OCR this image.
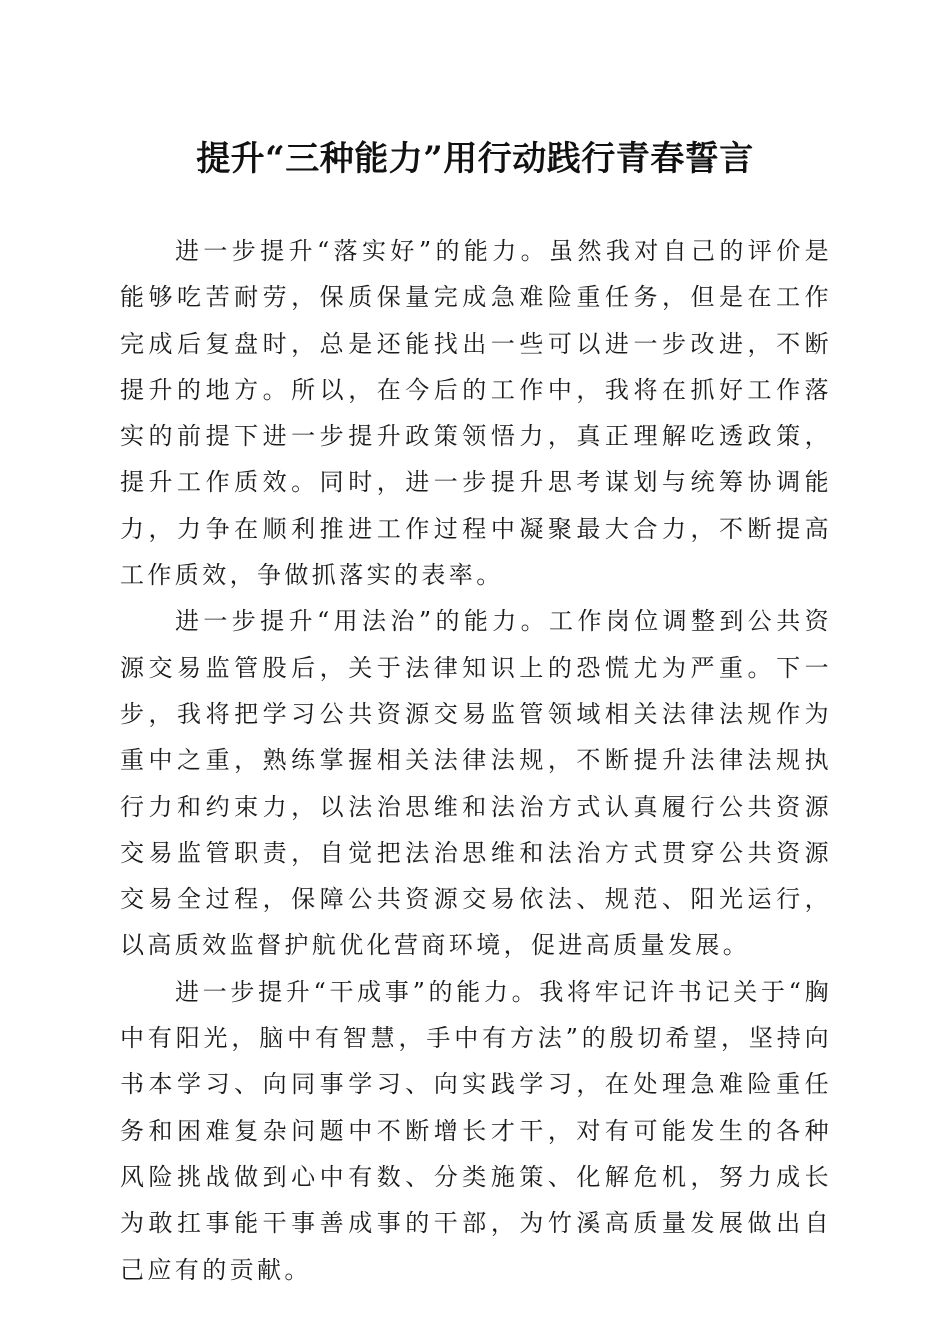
提升“三种能力”用行动践行青春誓言

进一步提升“落实好”的能力。虽然我对自己的评价是能够吃苦耐劳，保质保量完成急难险重任务，但是在工作完成后复盘时，总是还能找出一些可以进一步改进，不断提升的地方。所以，在今后的工作中，我将在抓好工作落实的前提下进一步提升政策领悟力，真正理解吃透政策，提升工作质效。同时，进一步提升思考谋划与统筹协调能力，力争在顺利推进工作过程中凝聚最大合力，不断提高工作质效，争做抓落实的表率。

进一步提升“用法治”的能力。工作岗位调整到公共资源交易监管股后，关于法律知识上的恐慌尤为严重。下一步，我将把学习公共资源交易监管领域相关法律法规作为重中之重，熟练掌握相关法律法规，不断提升法律法规执行力和约束力，以法治思维和法治方式认真履行公共资源交易监管职责，自觉把法治思维和法治方式贯穿公共资源交易全过程，保障公共资源交易依法、规范、阳光运行，以高质效监督护航优化营商环境，促进高质量发展。

进一步提升“干成事”的能力。我将牢记许书记关于“胸中有阳光，脑中有智慧，手中有方法”的殷切希望，坚持向书本学习、向同事学习、向实践学习，在处理急难险重任务和困难复杂问题中不断增长才干，对有可能发生的各种风险挑战做到心中有数、分类施策、化解危机，努力成长为敢扛事能干事善成事的干部，为竹溪高质量发展做出自己应有的贡献。
